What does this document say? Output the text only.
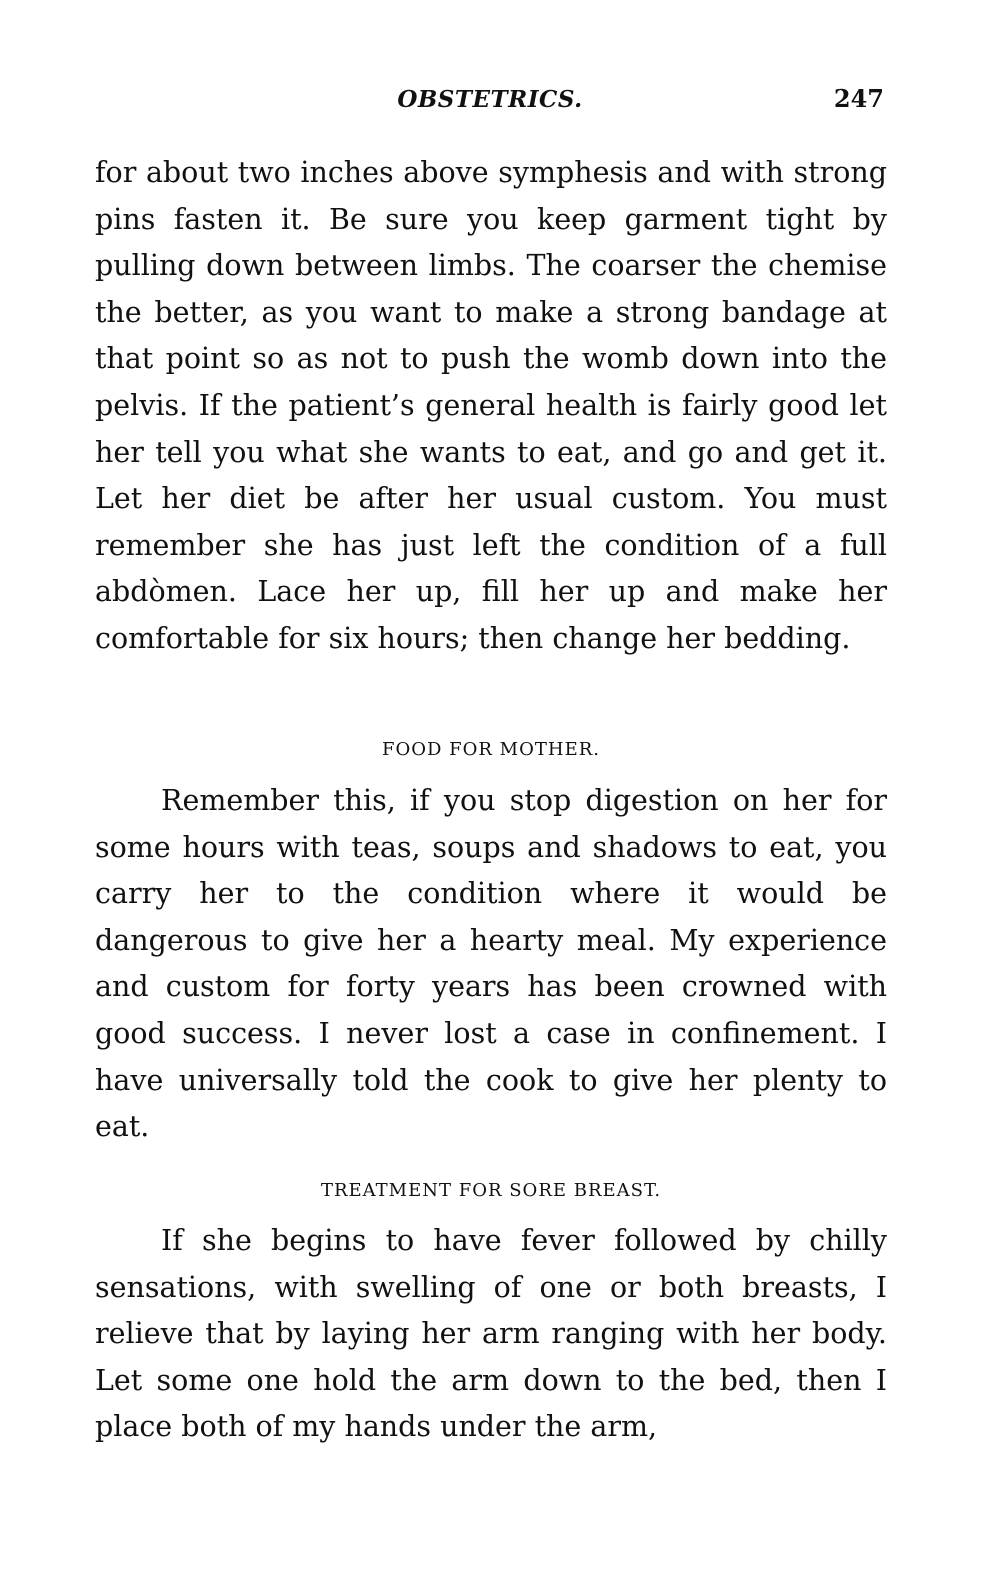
OBSTETRICS.	247

for about two inches above symphesis and with strong pins fasten it. Be sure you keep garment tight by pulling down between limbs. The coarser the chemise the better, as you want to make a strong bandage at that point so as not to push the womb down into the pelvis. If the patient’s general health is fairly good let her tell you what she wants to eat, and go and get it. Let her diet be after her usual custom. You must remember she has just left the condition of a full abdòmen. Lace her up, fill her up and make her comfortable for six hours; then change her bedding.

FOOD FOR MOTHER.

Remember this, if you stop digestion on her for some hours with teas, soups and shadows to eat, you carry her to the condition where it would be dangerous to give her a hearty meal. My experience and custom for forty years has been crowned with good success. I never lost a case in confinement. I have universally told the cook to give her plenty to eat.

TREATMENT FOR SORE BREAST.

If she begins to have fever followed by chilly sensations, with swelling of one or both breasts, I relieve that by laying her arm ranging with her body. Let some one hold the arm down to the bed, then I place both of my hands under the arm,
